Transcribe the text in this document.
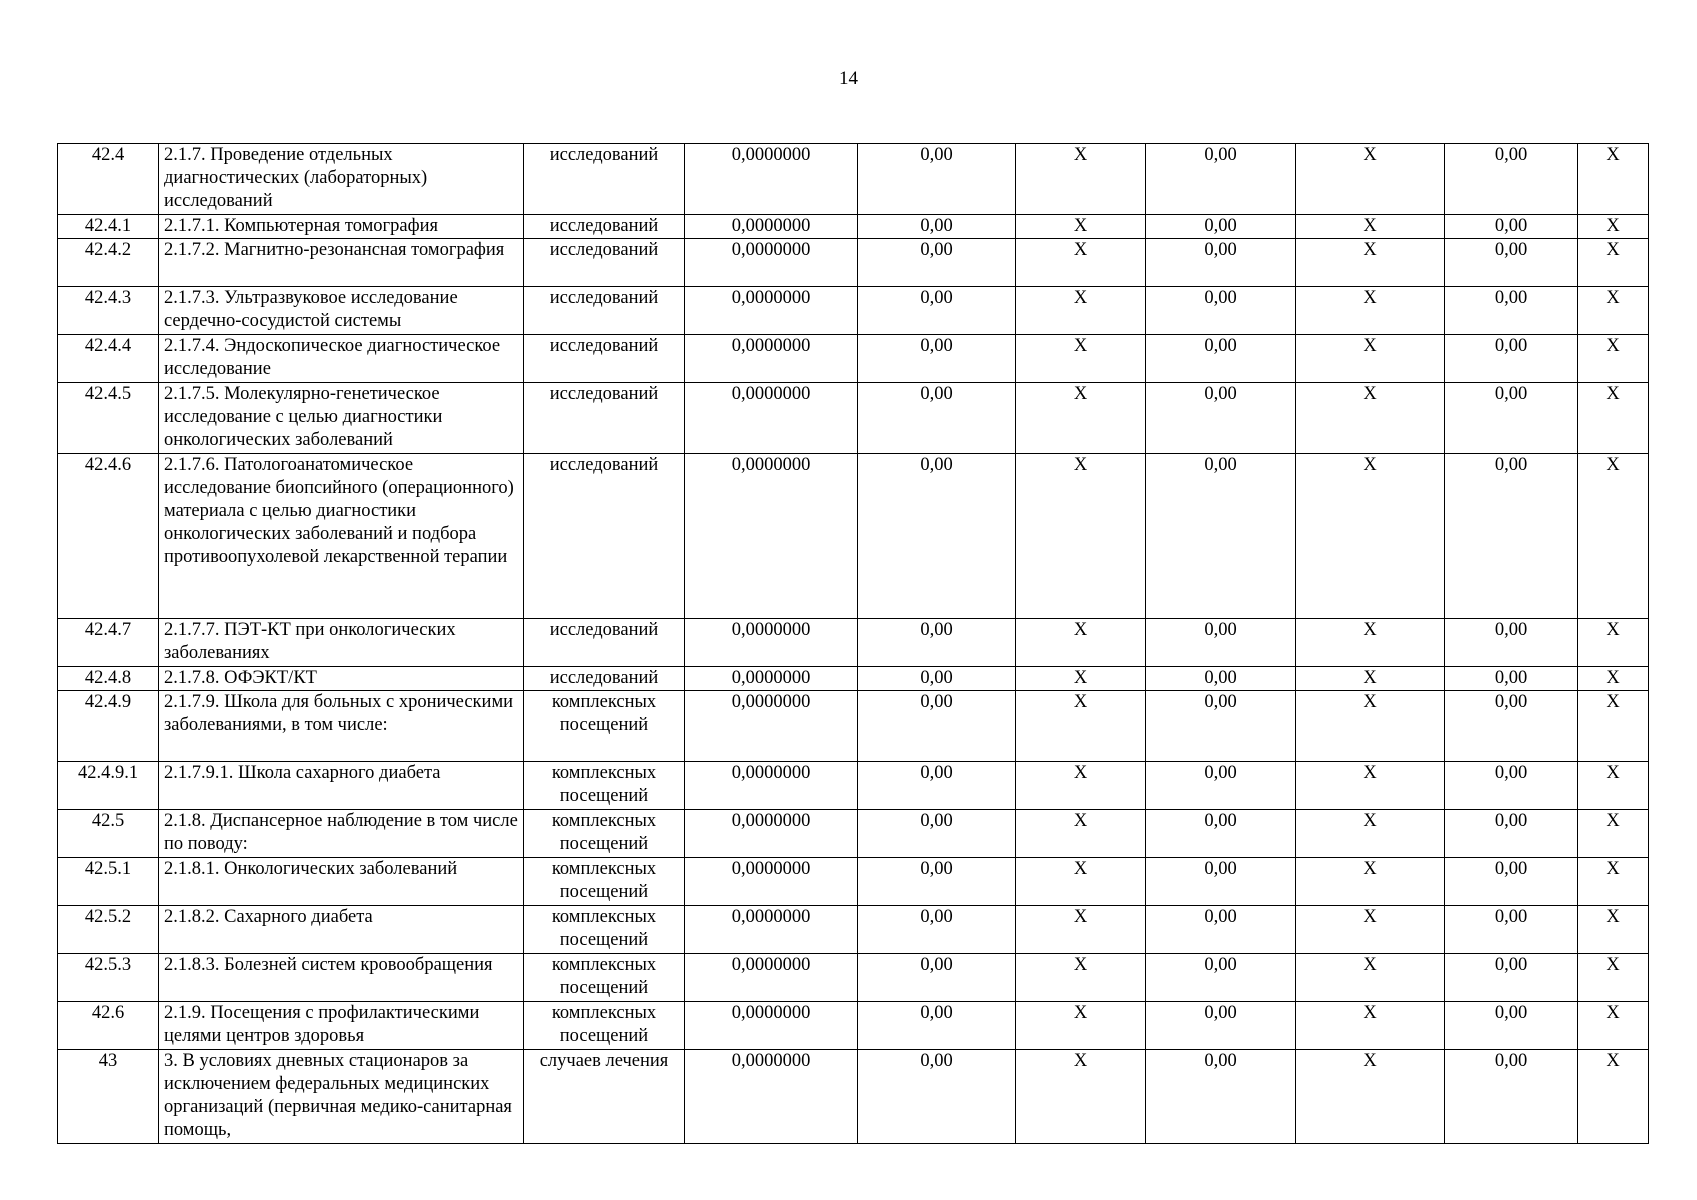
14
42.4	2.1.7. Проведение отдельных диагностических (лабораторных) исследований	исследований	0,0000000	0,00	X	0,00	X	0,00	X
42.4.1	2.1.7.1. Компьютерная томография	исследований	0,0000000	0,00	X	0,00	X	0,00	X
42.4.2	2.1.7.2. Магнитно-резонансная томография	исследований	0,0000000	0,00	X	0,00	X	0,00	X
42.4.3	2.1.7.3. Ультразвуковое исследование сердечно-сосудистой системы	исследований	0,0000000	0,00	X	0,00	X	0,00	X
42.4.4	2.1.7.4. Эндоскопическое диагностическое исследование	исследований	0,0000000	0,00	X	0,00	X	0,00	X
42.4.5	2.1.7.5. Молекулярно-генетическое исследование с целью диагностики онкологических заболеваний	исследований	0,0000000	0,00	X	0,00	X	0,00	X
42.4.6	2.1.7.6. Патологоанатомическое исследование биопсийного (операционного) материала с целью диагностики онкологических заболеваний и подбора противоопухолевой лекарственной терапии	исследований	0,0000000	0,00	X	0,00	X	0,00	X
42.4.7	2.1.7.7. ПЭТ-КТ при онкологических заболеваниях	исследований	0,0000000	0,00	X	0,00	X	0,00	X
42.4.8	2.1.7.8. ОФЭКТ/КТ	исследований	0,0000000	0,00	X	0,00	X	0,00	X
42.4.9	2.1.7.9. Школа для больных с хроническими заболеваниями, в том числе:	комплексных посещений	0,0000000	0,00	X	0,00	X	0,00	X
42.4.9.1	2.1.7.9.1. Школа сахарного диабета	комплексных посещений	0,0000000	0,00	X	0,00	X	0,00	X
42.5	2.1.8. Диспансерное наблюдение в том числе по поводу:	комплексных посещений	0,0000000	0,00	X	0,00	X	0,00	X
42.5.1	2.1.8.1. Онкологических заболеваний	комплексных посещений	0,0000000	0,00	X	0,00	X	0,00	X
42.5.2	2.1.8.2. Сахарного диабета	комплексных посещений	0,0000000	0,00	X	0,00	X	0,00	X
42.5.3	2.1.8.3. Болезней систем кровообращения	комплексных посещений	0,0000000	0,00	X	0,00	X	0,00	X
42.6	2.1.9. Посещения с профилактическими целями центров здоровья	комплексных посещений	0,0000000	0,00	X	0,00	X	0,00	X
43	3. В условиях дневных стационаров за исключением федеральных медицинских организаций (первичная медико-санитарная помощь,	случаев лечения	0,0000000	0,00	X	0,00	X	0,00	X
